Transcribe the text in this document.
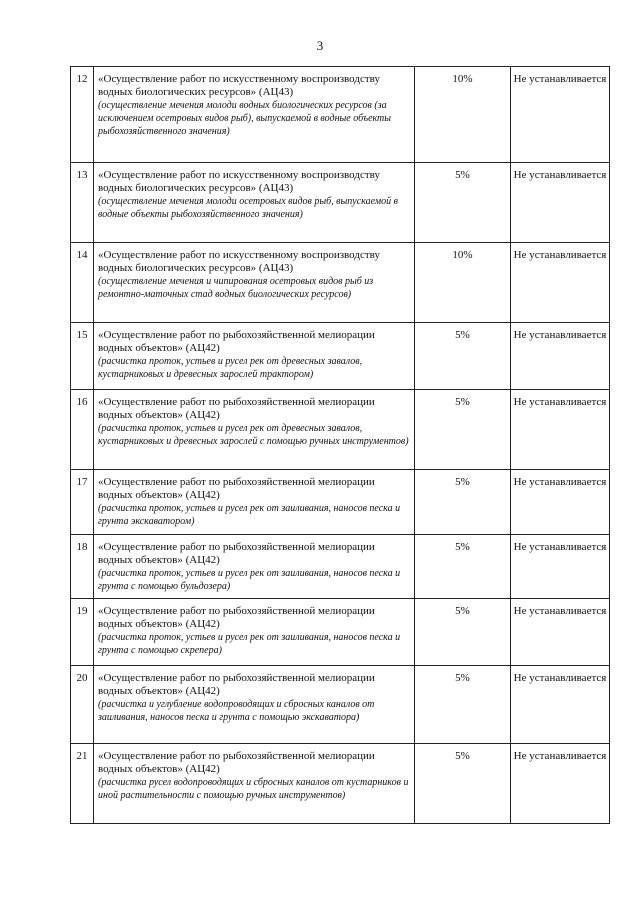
3
12	«Осуществление работ по искусственному воспроизводству водных биологических ресурсов» (АЦ43)
(осуществление мечения молоди водных биологических ресурсов (за исключением осетровых видов рыб), выпускаемой в водные объекты рыбохозяйственного значения)	10%	Не устанавливается
13	«Осуществление работ по искусственному воспроизводству водных биологических ресурсов» (АЦ43)
(осуществление мечения молоди осетровых видов рыб, выпускаемой в водные объекты рыбохозяйственного значения)	5%	Не устанавливается
14	«Осуществление работ по искусственному воспроизводству водных биологических ресурсов» (АЦ43)
(осуществление мечения и чипирования осетровых видов рыб из ремонтно-маточных стад водных биологических ресурсов)	10%	Не устанавливается
15	«Осуществление работ по рыбохозяйственной мелиорации водных объектов» (АЦ42)
(расчистка проток, устьев и русел рек от древесных завалов, кустарниковых и древесных зарослей трактором)	5%	Не устанавливается
16	«Осуществление работ по рыбохозяйственной мелиорации водных объектов» (АЦ42)
(расчистка проток, устьев и русел рек от древесных завалов, кустарниковых и древесных зарослей с помощью ручных инструментов)	5%	Не устанавливается
17	«Осуществление работ по рыбохозяйственной мелиорации водных объектов» (АЦ42)
(расчистка проток, устьев и русел рек от заиливания, наносов песка и грунта экскаватором)	5%	Не устанавливается
18	«Осуществление работ по рыбохозяйственной мелиорации водных объектов» (АЦ42)
(расчистка проток, устьев и русел рек от заиливания, наносов песка и грунта с помощью бульдозера)	5%	Не устанавливается
19	«Осуществление работ по рыбохозяйственной мелиорации водных объектов» (АЦ42)
(расчистка проток, устьев и русел рек от заиливания, наносов песка и грунта с помощью скрепера)	5%	Не устанавливается
20	«Осуществление работ по рыбохозяйственной мелиорации водных объектов» (АЦ42)
(расчистка и углубление водопроводящих и сбросных каналов от заиливания, наносов песка и грунта с помощью экскаватора)	5%	Не устанавливается
21	«Осуществление работ по рыбохозяйственной мелиорации водных объектов» (АЦ42)
(расчистка русел водопроводящих и сбросных каналов от кустарников и иной растительности с помощью ручных инструментов)	5%	Не устанавливается
